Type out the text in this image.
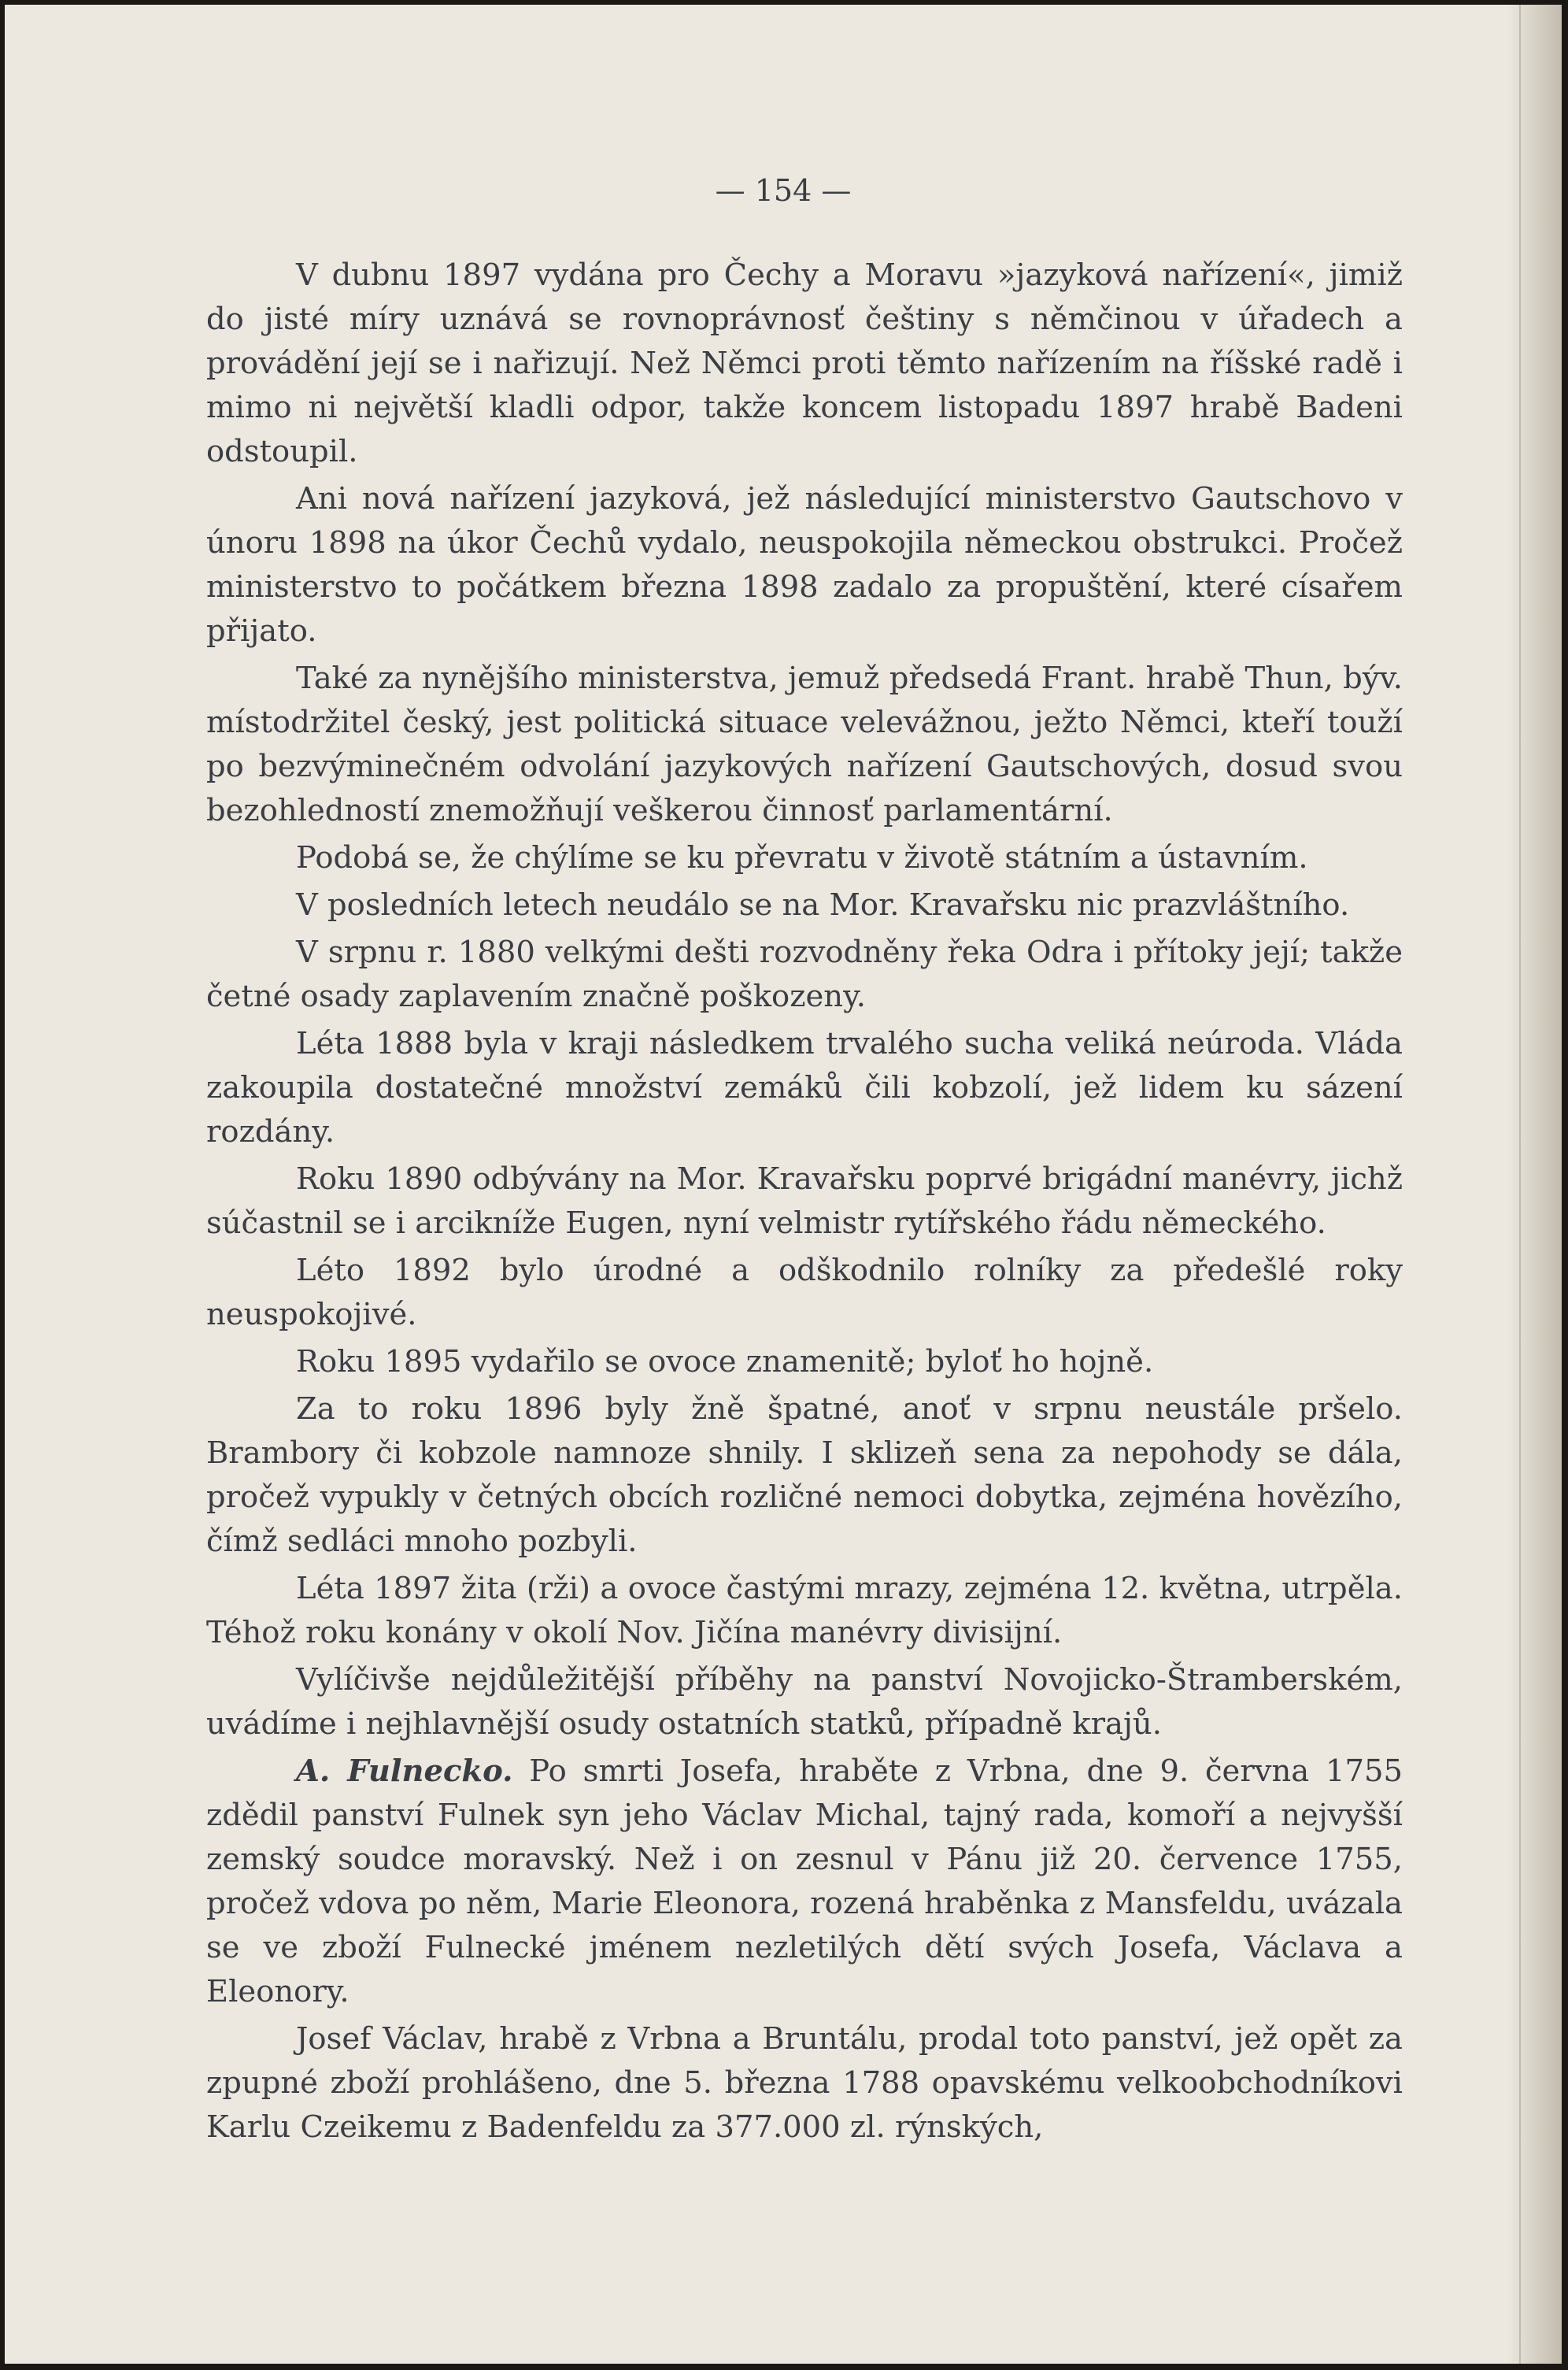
— 154 —

V dubnu 1897 vydána pro Čechy a Moravu »jazyková nařízení«, jimiž do jisté míry uznává se rovnoprávnosť češtiny s němčinou v úřadech a provádění její se i nařizují. Než Němci proti těmto nařízením na říšské radě i mimo ni největší kladli odpor, takže koncem listopadu 1897 hrabě Badeni odstoupil.

Ani nová nařízení jazyková, jež následující ministerstvo Gautschovo v únoru 1898 na úkor Čechů vydalo, neuspokojila německou obstrukci. Pročež ministerstvo to počátkem března 1898 zadalo za propuštění, které císařem přijato.

Také za nynějšího ministerstva, jemuž předsedá Frant. hrabě Thun, býv. místodržitel český, jest politická situace velevážnou, ježto Němci, kteří touží po bezvýminečném odvolání jazykových nařízení Gautschových, dosud svou bezohledností znemožňují veškerou činnosť parlamentární.

Podobá se, že chýlíme se ku převratu v životě státním a ústavním.

V posledních letech neudálo se na Mor. Kravařsku nic prazvláštního.

V srpnu r. 1880 velkými dešti rozvodněny řeka Odra i přítoky její; takže četné osady zaplavením značně poškozeny.

Léta 1888 byla v kraji následkem trvalého sucha veliká neúroda. Vláda zakoupila dostatečné množství zemáků čili kobzolí, jež lidem ku sázení rozdány.

Roku 1890 odbývány na Mor. Kravařsku poprvé brigádní manévry, jichž súčastnil se i arcikníže Eugen, nyní velmistr rytířského řádu německého.

Léto 1892 bylo úrodné a odškodnilo rolníky za předešlé roky neuspokojivé.

Roku 1895 vydařilo se ovoce znamenitě; byloť ho hojně.

Za to roku 1896 byly žně špatné, anoť v srpnu neustále pršelo. Brambory či kobzole namnoze shnily. I sklizeň sena za nepohody se dála, pročež vypukly v četných obcích rozličné nemoci dobytka, zejména hovězího, čímž sedláci mnoho pozbyli.

Léta 1897 žita (rži) a ovoce častými mrazy, zejména 12. května, utrpěla. Téhož roku konány v okolí Nov. Jičína manévry divisijní.

Vylíčivše nejdůležitější příběhy na panství Novojicko-Štramberském, uvádíme i nejhlavnější osudy ostatních statků, případně krajů.

A. Fulnecko. Po smrti Josefa, hraběte z Vrbna, dne 9. června 1755 zdědil panství Fulnek syn jeho Václav Michal, tajný rada, komoří a nejvyšší zemský soudce moravský. Než i on zesnul v Pánu již 20. července 1755, pročež vdova po něm, Marie Eleonora, rozená hraběnka z Mansfeldu, uvázala se ve zboží Fulnecké jménem nezletilých dětí svých Josefa, Václava a Eleonory.

Josef Václav, hrabě z Vrbna a Bruntálu, prodal toto panství, jež opět za zpupné zboží prohlášeno, dne 5. března 1788 opavskému velkoobchodníkovi Karlu Czeikemu z Badenfeldu za 377.000 zl. rýnských,
